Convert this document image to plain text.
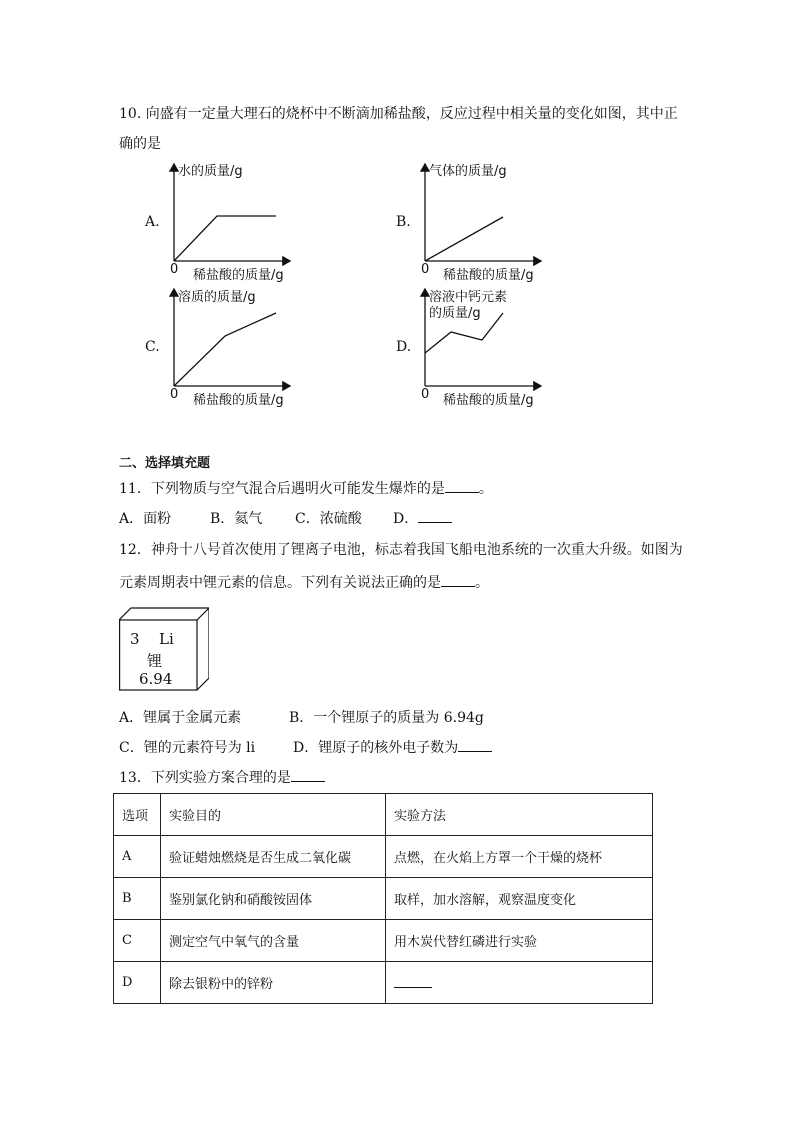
10. 向盛有一定量大理石的烧杯中不断滴加稀盐酸，反应过程中相关量的变化如图，其中正
确的是
水的质量/g
A.
0 稀盐酸的质量/g
气体的质量/g
B.
0 稀盐酸的质量/g
溶质的质量/g
C.
0 稀盐酸的质量/g
溶液中钙元素
的质量/g
D.
0 稀盐酸的质量/g
二、选择填充题
11．下列物质与空气混合后遇明火可能发生爆炸的是 。
A．面粉	B．氦气 C．浓硫酸 D．
12．神舟十八号首次使用了锂离子电池，标志着我国飞船电池系统的一次重大升级。如图为
元素周期表中锂元素的信息。下列有关说法正确的是 。
3 Li
锂
6.94
A．锂属于金属元素	B．一个锂原子的质量为 6.94g
C．锂的元素符号为 li	D．锂原子的核外电子数为
13．下列实验方案合理的是
选项	实验目的	实验方法
A	验证蜡烛燃烧是否生成二氧化碳	点燃，在火焰上方罩一个干燥的烧杯
B	鉴别氯化钠和硝酸铵固体	取样，加水溶解，观察温度变化
C	测定空气中氧气的含量	用木炭代替红磷进行实验
D	除去银粉中的锌粉	
